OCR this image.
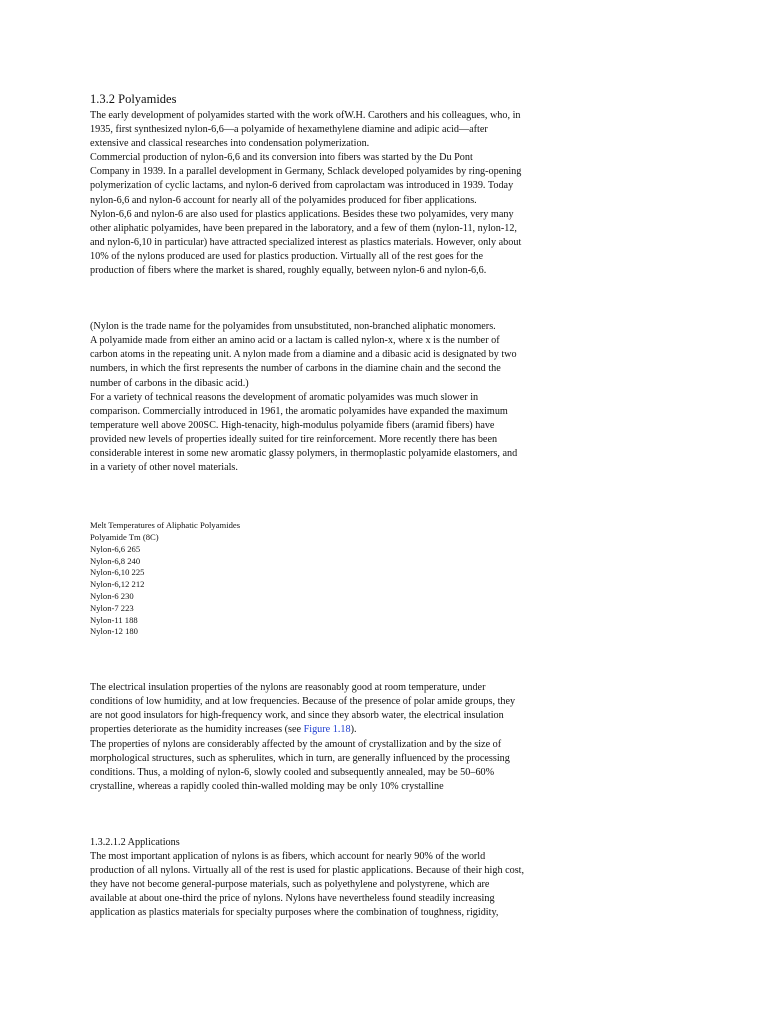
1.3.2 Polyamides
The early development of polyamides started with the work ofW.H. Carothers and his colleagues, who, in
1935, first synthesized nylon-6,6—a polyamide of hexamethylene diamine and adipic acid—after
extensive and classical researches into condensation polymerization.
Commercial production of nylon-6,6 and its conversion into fibers was started by the Du Pont
Company in 1939. In a parallel development in Germany, Schlack developed polyamides by ring-opening
polymerization of cyclic lactams, and nylon-6 derived from caprolactam was introduced in 1939. Today
nylon-6,6 and nylon-6 account for nearly all of the polyamides produced for fiber applications.
Nylon-6,6 and nylon-6 are also used for plastics applications. Besides these two polyamides, very many
other aliphatic polyamides, have been prepared in the laboratory, and a few of them (nylon-11, nylon-12,
and nylon-6,10 in particular) have attracted specialized interest as plastics materials. However, only about
10% of the nylons produced are used for plastics production. Virtually all of the rest goes for the
production of fibers where the market is shared, roughly equally, between nylon-6 and nylon-6,6.
(Nylon is the trade name for the polyamides from unsubstituted, non-branched aliphatic monomers.
A polyamide made from either an amino acid or a lactam is called nylon-x, where x is the number of
carbon atoms in the repeating unit. A nylon made from a diamine and a dibasic acid is designated by two
numbers, in which the first represents the number of carbons in the diamine chain and the second the
number of carbons in the dibasic acid.)
For a variety of technical reasons the development of aromatic polyamides was much slower in
comparison. Commercially introduced in 1961, the aromatic polyamides have expanded the maximum
temperature well above 200SC. High-tenacity, high-modulus polyamide fibers (aramid fibers) have
provided new levels of properties ideally suited for tire reinforcement. More recently there has been
considerable interest in some new aromatic glassy polymers, in thermoplastic polyamide elastomers, and
in a variety of other novel materials.
Melt Temperatures of Aliphatic Polyamides
Polyamide Tm (8C)
Nylon-6,6 265
Nylon-6,8 240
Nylon-6,10 225
Nylon-6,12 212
Nylon-6 230
Nylon-7 223
Nylon-11 188
Nylon-12 180
The electrical insulation properties of the nylons are reasonably good at room temperature, under
conditions of low humidity, and at low frequencies. Because of the presence of polar amide groups, they
are not good insulators for high-frequency work, and since they absorb water, the electrical insulation
properties deteriorate as the humidity increases (see Figure 1.18).
The properties of nylons are considerably affected by the amount of crystallization and by the size of
morphological structures, such as spherulites, which in turn, are generally influenced by the processing
conditions. Thus, a molding of nylon-6, slowly cooled and subsequently annealed, may be 50–60%
crystalline, whereas a rapidly cooled thin-walled molding may be only 10% crystalline
1.3.2.1.2 Applications
The most important application of nylons is as fibers, which account for nearly 90% of the world
production of all nylons. Virtually all of the rest is used for plastic applications. Because of their high cost,
they have not become general-purpose materials, such as polyethylene and polystyrene, which are
available at about one-third the price of nylons. Nylons have nevertheless found steadily increasing
application as plastics materials for specialty purposes where the combination of toughness, rigidity,
